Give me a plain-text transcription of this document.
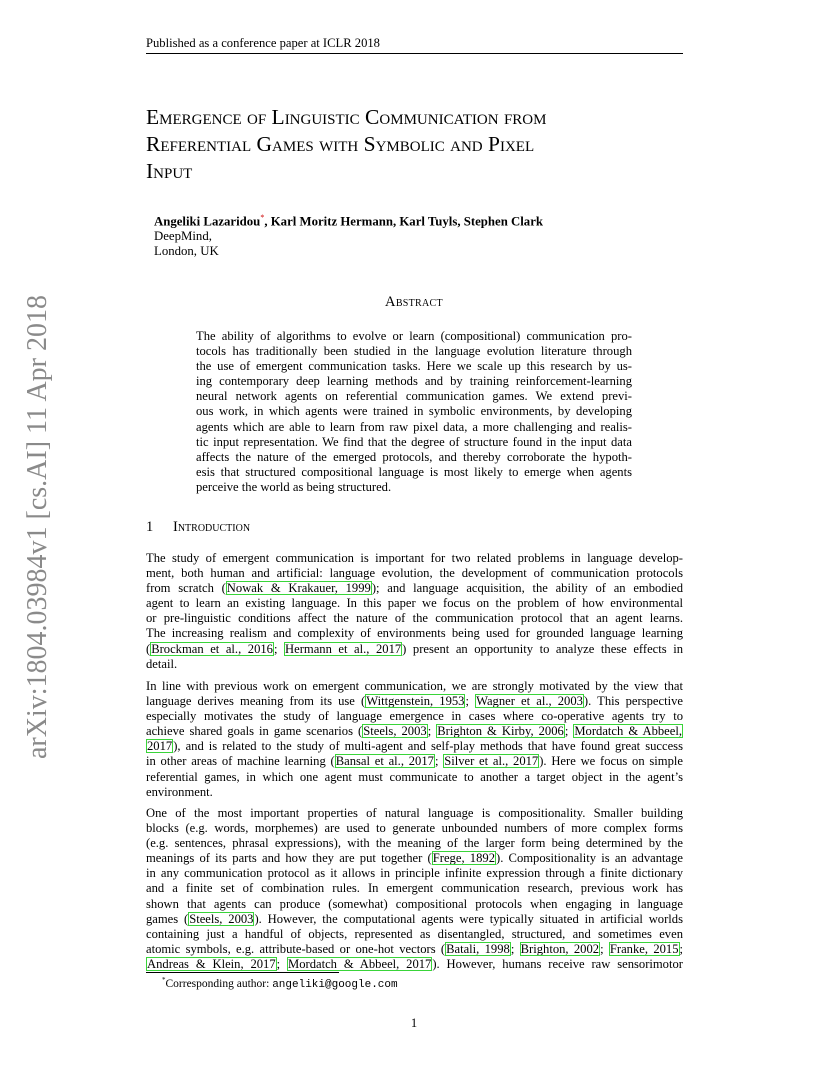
Published as a conference paper at ICLR 2018
arXiv:1804.03984v1 [cs.AI] 11 Apr 2018
Emergence of Linguistic Communication from
Referential Games with Symbolic and Pixel
Input
Angeliki Lazaridou*, Karl Moritz Hermann, Karl Tuyls, Stephen Clark
DeepMind,
London, UK
Abstract
The ability of algorithms to evolve or learn (compositional) communication pro-
tocols has traditionally been studied in the language evolution literature through
the use of emergent communication tasks. Here we scale up this research by us-
ing contemporary deep learning methods and by training reinforcement-learning
neural network agents on referential communication games. We extend previ-
ous work, in which agents were trained in symbolic environments, by developing
agents which are able to learn from raw pixel data, a more challenging and realis-
tic input representation. We find that the degree of structure found in the input data
affects the nature of the emerged protocols, and thereby corroborate the hypoth-
esis that structured compositional language is most likely to emerge when agents
perceive the world as being structured.
1 Introduction
The study of emergent communication is important for two related problems in language develop-
ment, both human and artificial: language evolution, the development of communication protocols
from scratch (Nowak & Krakauer, 1999); and language acquisition, the ability of an embodied
agent to learn an existing language. In this paper we focus on the problem of how environmental
or pre-linguistic conditions affect the nature of the communication protocol that an agent learns.
The increasing realism and complexity of environments being used for grounded language learning
(Brockman et al., 2016; Hermann et al., 2017) present an opportunity to analyze these effects in
detail.
In line with previous work on emergent communication, we are strongly motivated by the view that
language derives meaning from its use (Wittgenstein, 1953; Wagner et al., 2003). This perspective
especially motivates the study of language emergence in cases where co-operative agents try to
achieve shared goals in game scenarios (Steels, 2003; Brighton & Kirby, 2006; Mordatch & Abbeel,
2017), and is related to the study of multi-agent and self-play methods that have found great success
in other areas of machine learning (Bansal et al., 2017; Silver et al., 2017). Here we focus on simple
referential games, in which one agent must communicate to another a target object in the agent’s
environment.
One of the most important properties of natural language is compositionality. Smaller building
blocks (e.g. words, morphemes) are used to generate unbounded numbers of more complex forms
(e.g. sentences, phrasal expressions), with the meaning of the larger form being determined by the
meanings of its parts and how they are put together (Frege, 1892). Compositionality is an advantage
in any communication protocol as it allows in principle infinite expression through a finite dictionary
and a finite set of combination rules. In emergent communication research, previous work has
shown that agents can produce (somewhat) compositional protocols when engaging in language
games (Steels, 2003). However, the computational agents were typically situated in artificial worlds
containing just a handful of objects, represented as disentangled, structured, and sometimes even
atomic symbols, e.g. attribute-based or one-hot vectors (Batali, 1998; Brighton, 2002; Franke, 2015;
Andreas & Klein, 2017; Mordatch & Abbeel, 2017). However, humans receive raw sensorimotor
*Corresponding author: angeliki@google.com
1
